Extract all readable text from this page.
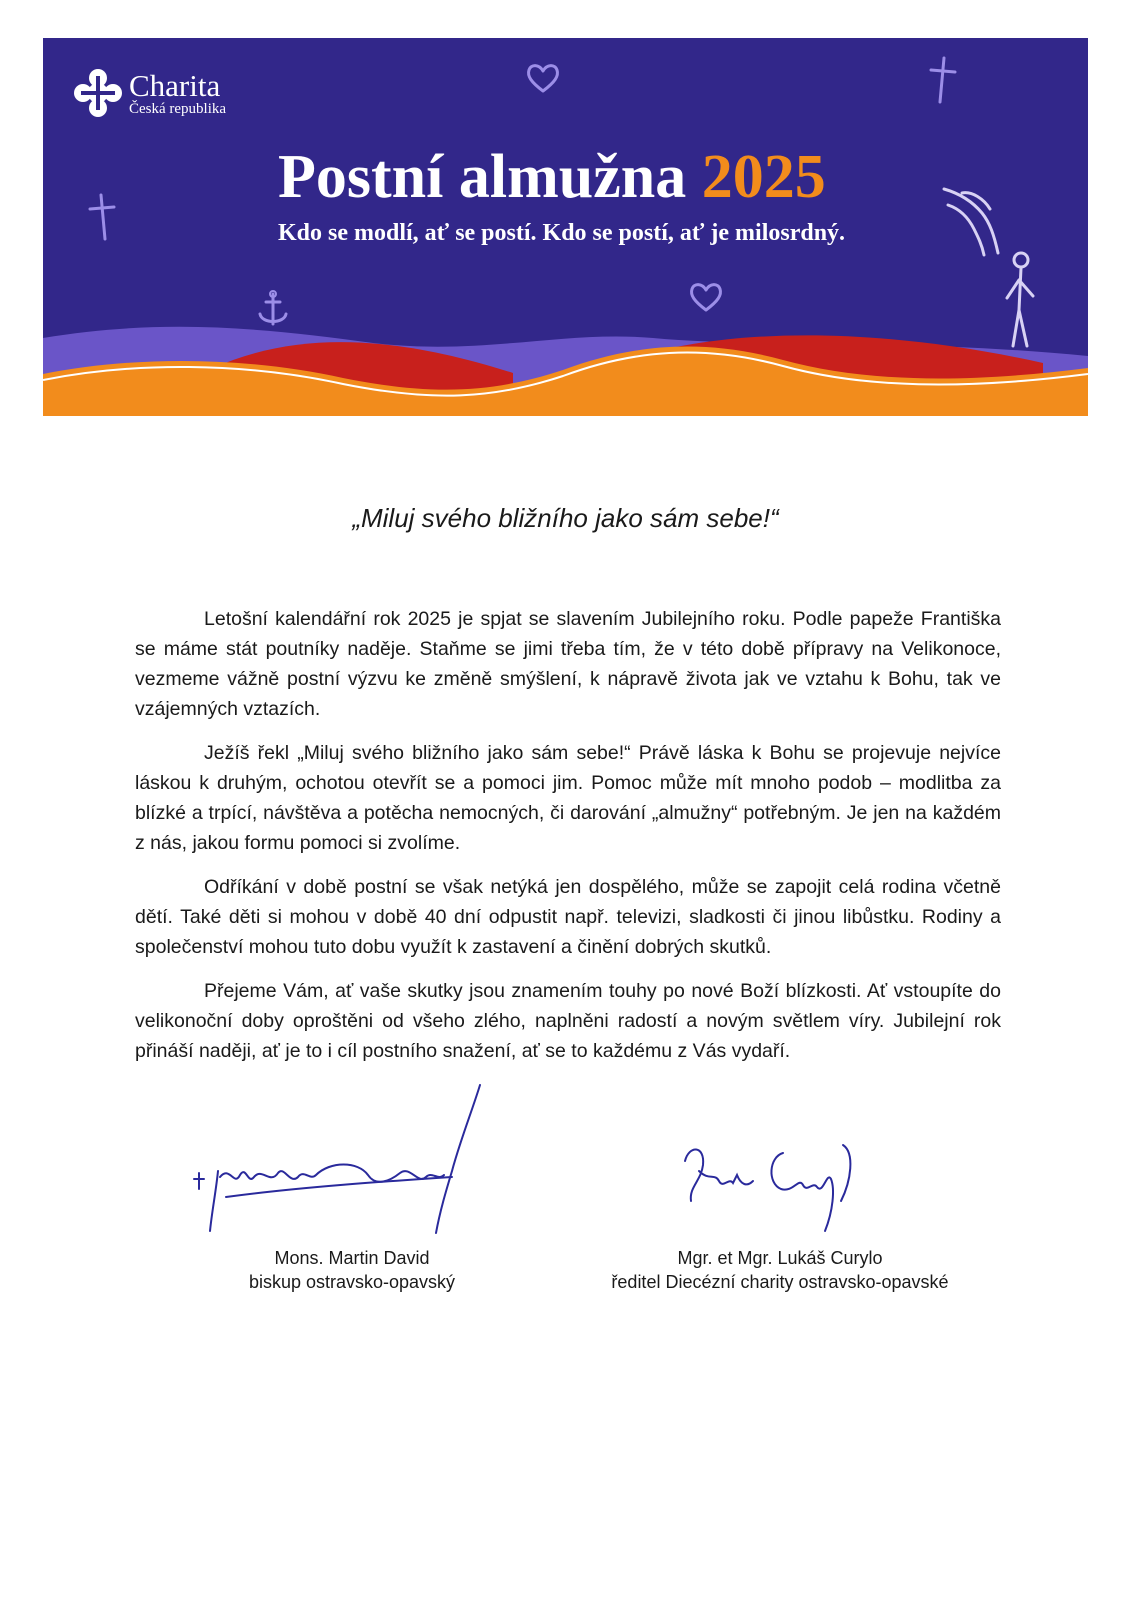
Charita
Česká republika
Postní almužna 2025
Kdo se modlí, ať se postí. Kdo se postí, ať je milosrdný.
„Miluj svého bližního jako sám sebe!“

Letošní kalendářní rok 2025 je spjat se slavením Jubilejního roku. Podle papeže Františka se máme stát poutníky naděje. Staňme se jimi třeba tím, že v této době přípravy na Velikonoce, vezmeme vážně postní výzvu ke změně smýšlení, k nápravě života jak ve vztahu k Bohu, tak ve vzájemných vztazích.

Ježíš řekl „Miluj svého bližního jako sám sebe!“ Právě láska k Bohu se projevuje nejvíce láskou k druhým, ochotou otevřít se a pomoci jim. Pomoc může mít mnoho podob – modlitba za blízké a trpící, návštěva a potěcha nemocných, či darování „almužny“ potřebným. Je jen na každém z nás, jakou formu pomoci si zvolíme.

Odříkání v době postní se však netýká jen dospělého, může se zapojit celá rodina včetně dětí. Také děti si mohou v době 40 dní odpustit např. televizi, sladkosti či jinou libůstku. Rodiny a společenství mohou tuto dobu využít k zastavení a činění dobrých skutků.

Přejeme Vám, ať vaše skutky jsou znamením touhy po nové Boží blízkosti. Ať vstoupíte do velikonoční doby oproštěni od všeho zlého, naplněni radostí a novým světlem víry. Jubilejní rok přináší naději, ať je to i cíl postního snažení, ať se to každému z Vás vydaří.

Mons. Martin David
biskup ostravsko-opavský
Mgr. et Mgr. Lukáš Curylo
ředitel Diecézní charity ostravsko-opavské
